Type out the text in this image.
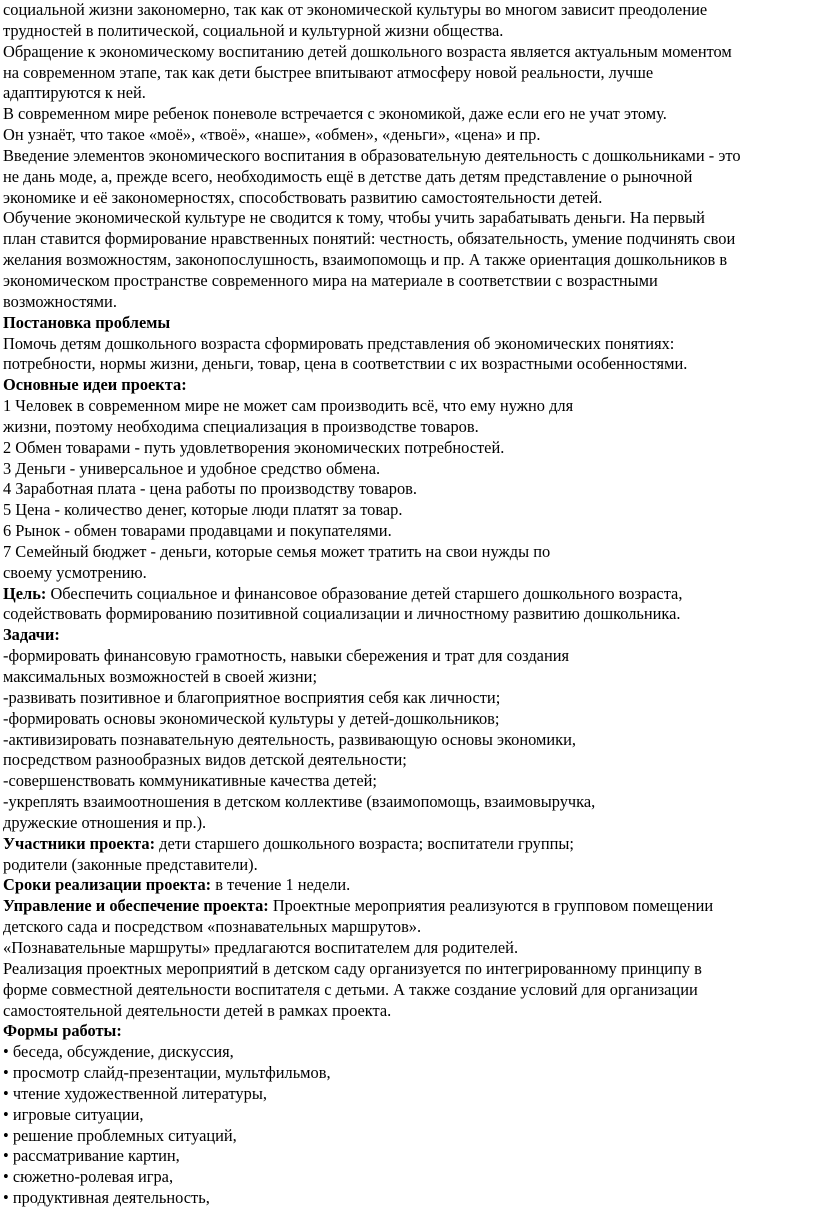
социальной жизни закономерно, так как от экономической культуры во многом зависит преодоление
трудностей в политической, социальной и культурной жизни общества.
Обращение к экономическому воспитанию детей дошкольного возраста является актуальным моментом
на современном этапе, так как дети быстрее впитывают атмосферу новой реальности, лучше
адаптируются к ней.
В современном мире ребенок поневоле встречается с экономикой, даже если его не учат этому.
Он узнаёт, что такое «моё», «твоё», «наше», «обмен», «деньги», «цена» и пр.
Введение элементов экономического воспитания в образовательную деятельность с дошкольниками - это
не дань моде, а, прежде всего, необходимость ещё в детстве дать детям представление о рыночной
экономике и её закономерностях, способствовать развитию самостоятельности детей.
Обучение экономической культуре не сводится к тому, чтобы учить зарабатывать деньги. На первый
план ставится формирование нравственных понятий: честность, обязательность, умение подчинять свои
желания возможностям, законопослушность, взаимопомощь и пр. А также ориентация дошкольников в
экономическом пространстве современного мира на материале в соответствии с возрастными
возможностями.
Постановка проблемы
Помочь детям дошкольного возраста сформировать представления об экономических понятиях:
потребности, нормы жизни, деньги, товар, цена в соответствии с их возрастными особенностями.
Основные идеи проекта:
1 Человек в современном мире не может сам производить всё, что ему нужно для
жизни, поэтому необходима специализация в производстве товаров.
2 Обмен товарами - путь удовлетворения экономических потребностей.
3 Деньги - универсальное и удобное средство обмена.
4 Заработная плата - цена работы по производству товаров.
5 Цена - количество денег, которые люди платят за товар.
6 Рынок - обмен товарами продавцами и покупателями.
7 Семейный бюджет - деньги, которые семья может тратить на свои нужды по
своему усмотрению.
Цель: Обеспечить социальное и финансовое образование детей старшего дошкольного возраста,
содействовать формированию позитивной социализации и личностному развитию дошкольника.
Задачи:
-формировать финансовую грамотность, навыки сбережения и трат для создания
максимальных возможностей в своей жизни;
-развивать позитивное и благоприятное восприятия себя как личности;
-формировать основы экономической культуры у детей-дошкольников;
-активизировать познавательную деятельность, развивающую основы экономики,
посредством разнообразных видов детской деятельности;
-совершенствовать коммуникативные качества детей;
-укреплять взаимоотношения в детском коллективе (взаимопомощь, взаимовыручка,
дружеские отношения и пр.).
Участники проекта: дети старшего дошкольного возраста; воспитатели группы;
родители (законные представители).
Сроки реализации проекта: в течение 1 недели.
Управление и обеспечение проекта: Проектные мероприятия реализуются в групповом помещении
детского сада и посредством «познавательных маршрутов».
«Познавательные маршруты» предлагаются воспитателем для родителей.
Реализация проектных мероприятий в детском саду организуется по интегрированному принципу в
форме совместной деятельности воспитателя с детьми. А также создание условий для организации
самостоятельной деятельности детей в рамках проекта.
Формы работы:
• беседа, обсуждение, дискуссия,
• просмотр слайд-презентации, мультфильмов,
• чтение художественной литературы,
• игровые ситуации,
• решение проблемных ситуаций,
• рассматривание картин,
• сюжетно-ролевая игра,
• продуктивная деятельность,
